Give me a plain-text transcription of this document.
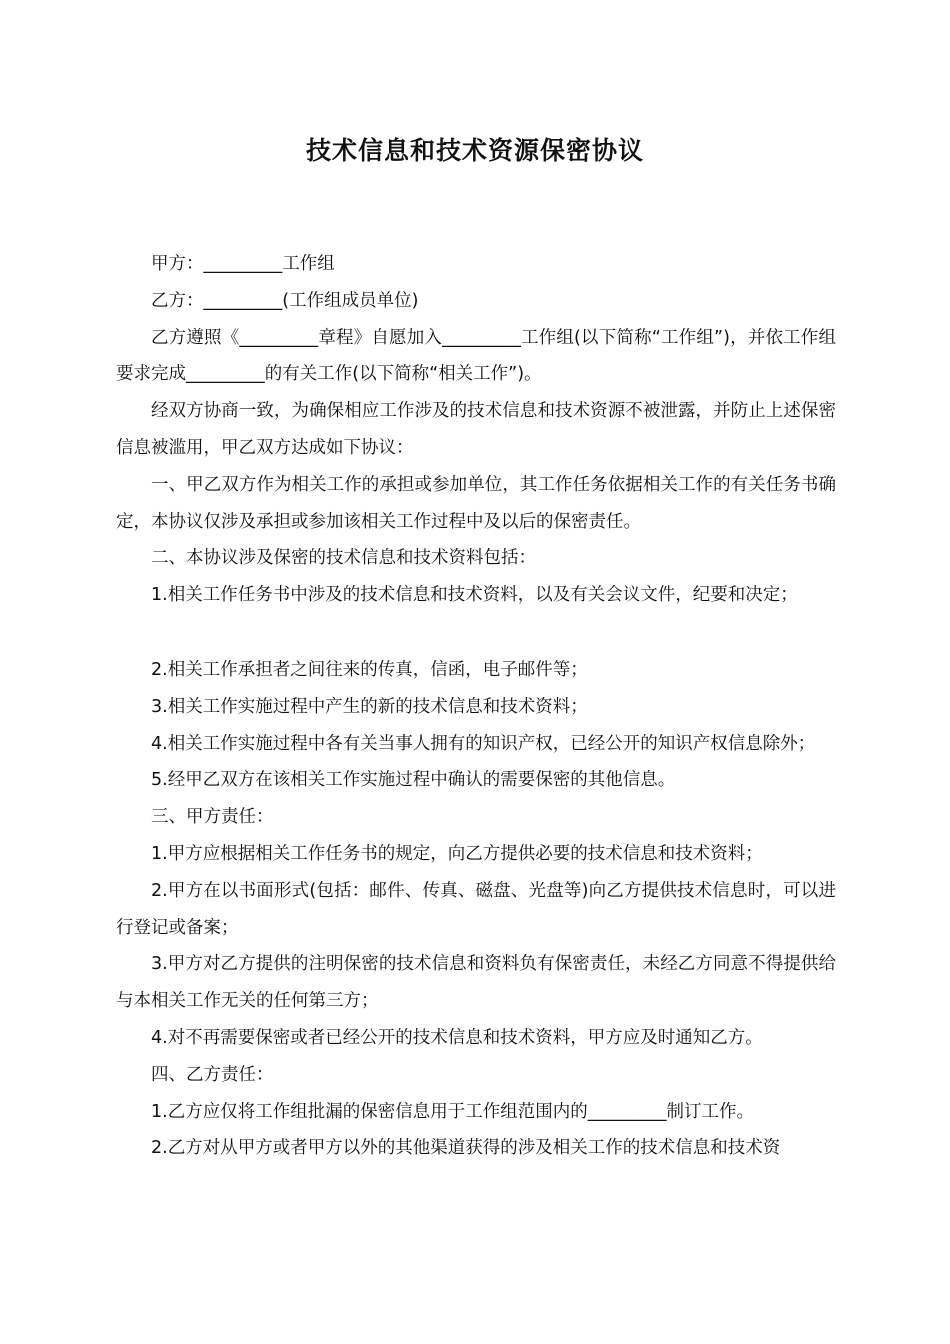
技术信息和技术资源保密协议

甲方：_________工作组

乙方：_________(工作组成员单位)

乙方遵照《_________章程》自愿加入_________工作组(以下简称“工作组”)，并依工作组要求完成_________的有关工作(以下简称“相关工作”)。

经双方协商一致，为确保相应工作涉及的技术信息和技术资源不被泄露，并防止上述保密信息被滥用，甲乙双方达成如下协议：

一、甲乙双方作为相关工作的承担或参加单位，其工作任务依据相关工作的有关任务书确定，本协议仅涉及承担或参加该相关工作过程中及以后的保密责任。

二、本协议涉及保密的技术信息和技术资料包括：

1.相关工作任务书中涉及的技术信息和技术资料，以及有关会议文件，纪要和决定；

2.相关工作承担者之间往来的传真，信函，电子邮件等；

3.相关工作实施过程中产生的新的技术信息和技术资料；

4.相关工作实施过程中各有关当事人拥有的知识产权，已经公开的知识产权信息除外；

5.经甲乙双方在该相关工作实施过程中确认的需要保密的其他信息。

三、甲方责任：

1.甲方应根据相关工作任务书的规定，向乙方提供必要的技术信息和技术资料；

2.甲方在以书面形式(包括：邮件、传真、磁盘、光盘等)向乙方提供技术信息时，可以进行登记或备案；

3.甲方对乙方提供的注明保密的技术信息和资料负有保密责任，未经乙方同意不得提供给与本相关工作无关的任何第三方；

4.对不再需要保密或者已经公开的技术信息和技术资料，甲方应及时通知乙方。

四、乙方责任：

1.乙方应仅将工作组批漏的保密信息用于工作组范围内的_________制订工作。

2.乙方对从甲方或者甲方以外的其他渠道获得的涉及相关工作的技术信息和技术资
